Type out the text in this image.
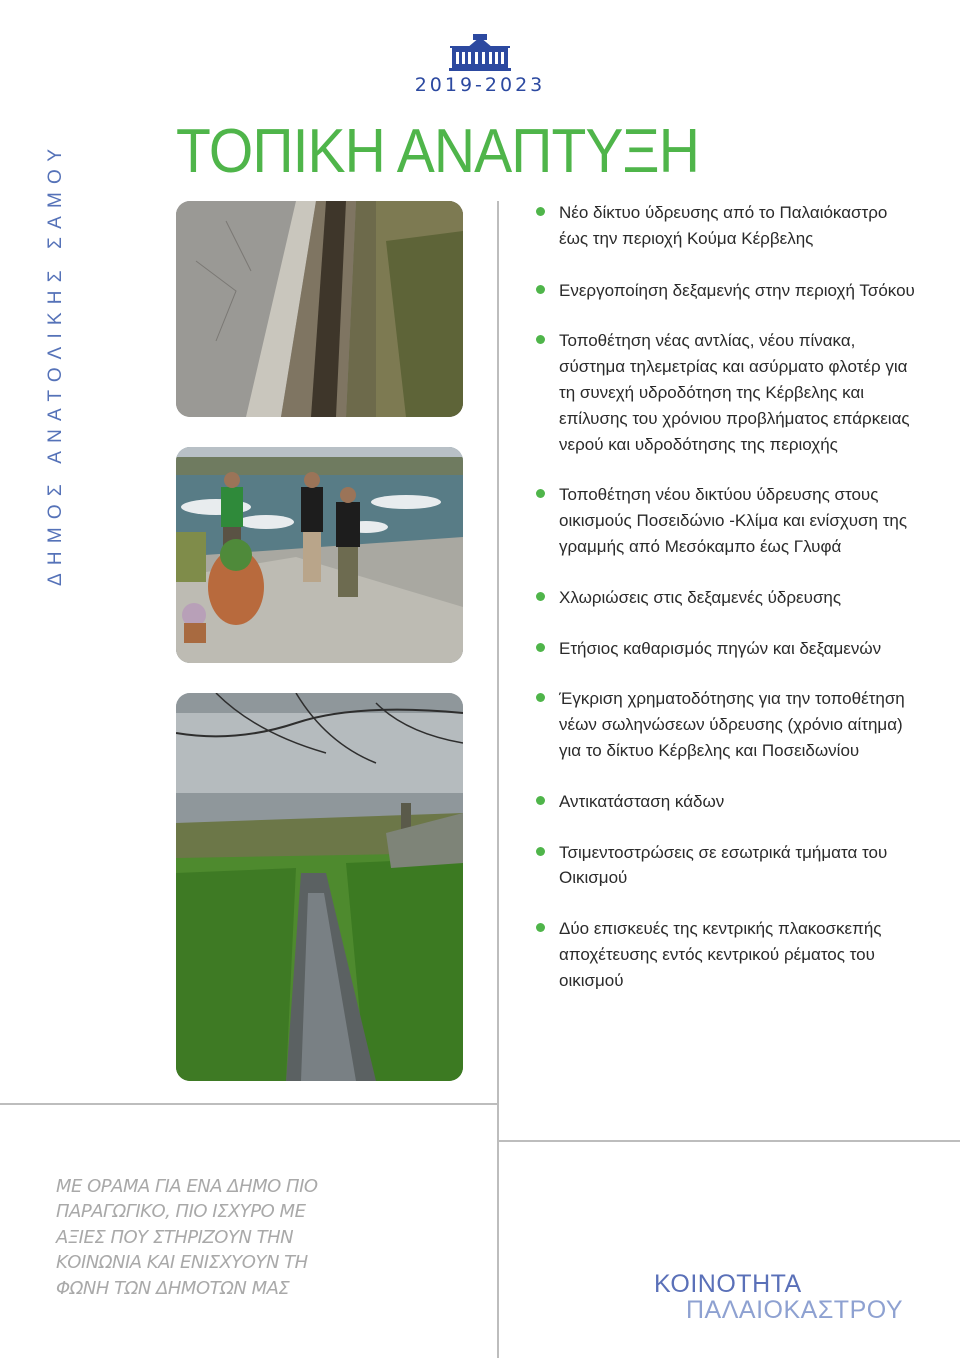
2019-2023
ΔΗΜΟΣ ΑΝΑΤΟΛΙΚΗΣ ΣΑΜΟΥ ΤΟΠΙΚΗ ΑΝΑΠΤΥΞΗ
Νέο δίκτυο ύδρευσης από το Παλαιόκαστρο έως την περιοχή Κούμα Κέρβελης
Ενεργοποίηση δεξαμενής στην περιοχή Τσόκου
Τοποθέτηση νέας αντλίας, νέου πίνακα, σύστημα τηλεμετρίας και ασύρματο φλοτέρ για τη συνεχή υδροδότηση της Κέρβελης και επίλυσης του χρόνιου προβλήματος επάρκειας νερού και υδροδότησης της περιοχής
Τοποθέτηση νέου δικτύου ύδρευσης στους οικισμούς Ποσειδώνιο -Κλίμα και ενίσχυση της γραμμής από Μεσόκαμπο έως Γλυφά
Χλωριώσεις στις δεξαμενές ύδρευσης
Ετήσιος καθαρισμός πηγών και δεξαμενών
Έγκριση χρηματοδότησης για την τοποθέτηση νέων σωληνώσεων ύδρευσης (χρόνιο αίτημα) για το δίκτυο Κέρβελης και Ποσειδωνίου
Αντικατάσταση κάδων
Τσιμεντοστρώσεις σε εσωτρικά τμήματα του Οικισμού
Δύο επισκευές της κεντρικής πλακοσκεπής αποχέτευσης εντός κεντρικού ρέματος του οικισμού
ΜΕ ΟΡΑΜΑ ΓΙΑ ΕΝΑ ΔΗΜΟ ΠΙΟ ΠΑΡΑΓΩΓΙΚΟ, ΠΙΟ ΙΣΧΥΡΟ ΜΕ ΑΞΙΕΣ ΠΟΥ ΣΤΗΡΙΖΟΥΝ ΤΗΝ ΚΟΙΝΩΝΙΑ ΚΑΙ ΕΝΙΣΧΥΟΥΝ ΤΗ ΦΩΝΗ ΤΩΝ ΔΗΜΟΤΩΝ ΜΑΣ	ΚΟΙΝΟΤΗΤΑ
ΠΑΛΑΙΟΚΑΣΤΡΟΥ
